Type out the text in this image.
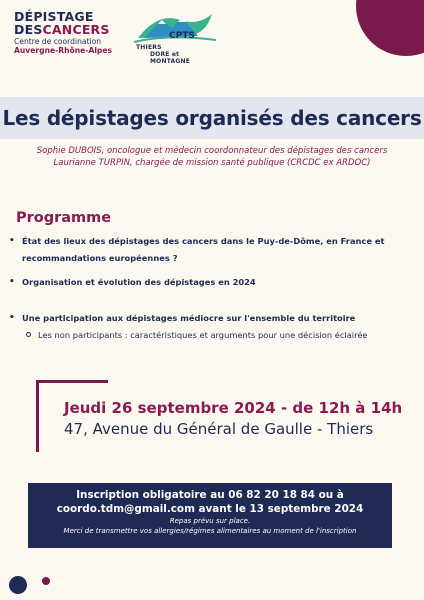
DÉPISTAGE
DESCANCERS
Centre de coordination
Auvergne-Rhône-Alpes
CPTS
THIERS
DORE et MONTAGNE
Les dépistages organisés des cancers
Sophie DUBOIS, oncologue et médecin coordonnateur des dépistages des cancers
Laurianne TURPIN, chargée de mission santé publique (CRCDC ex ARDOC)
Programme
• État des lieux des dépistages des cancers dans le Puy-de-Dôme, en France et
recommandations européennes ?
• Organisation et évolution des dépistages en 2024
• Une participation aux dépistages médiocre sur l'ensemble du territoire
Les non participants : caractéristiques et arguments pour une décision éclairée
Jeudi 26 septembre 2024 - de 12h à 14h
47, Avenue du Général de Gaulle - Thiers
Inscription obligatoire au 06 82 20 18 84 ou à
coordo.tdm@gmail.com avant le 13 septembre 2024
Repas prévu sur place.
Merci de transmettre vos allergies/régimes alimentaires au moment de l'inscription
